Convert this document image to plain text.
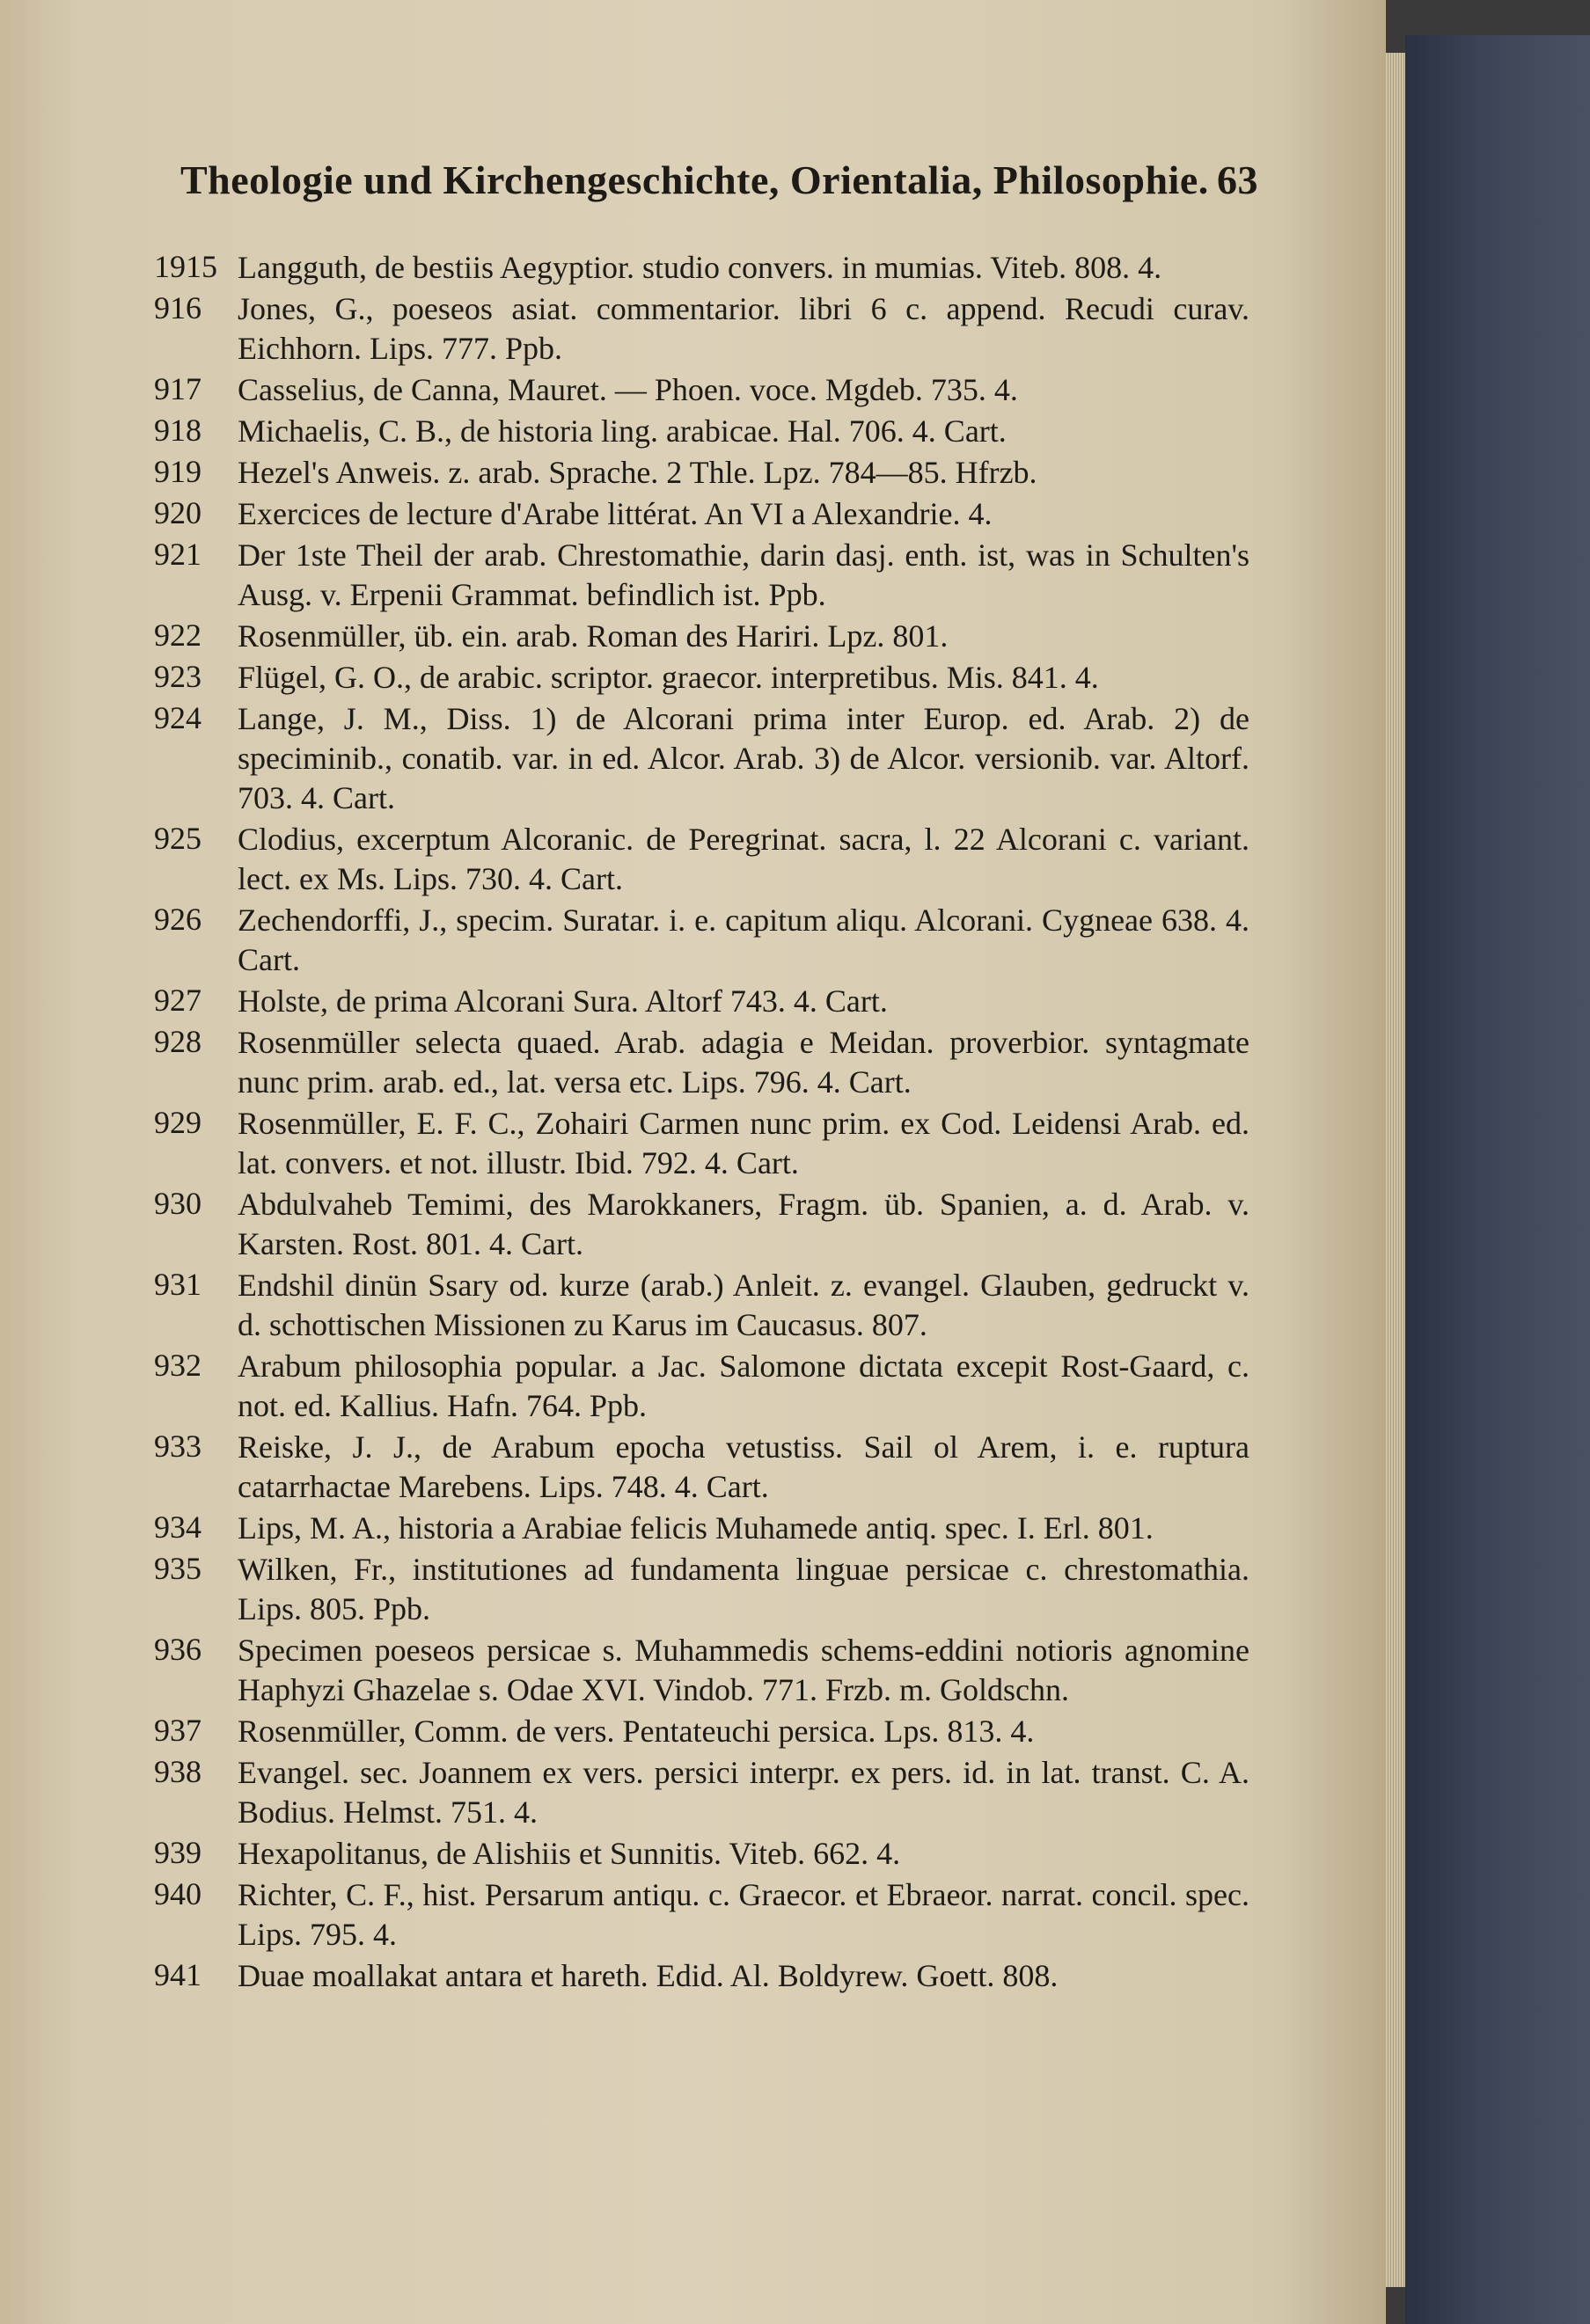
Theologie und Kirchengeschichte, Orientalia, Philosophie. 63
1915 Langguth, de bestiis Aegyptior. studio convers. in mumias. Viteb. 808. 4.
916	Jones, G., poeseos asiat. commentarior. libri 6 c. append. Recudi curav. Eichhorn. Lips. 777. Ppb.
917	Casselius, de Canna, Mauret. — Phoen. voce. Mgdeb. 735. 4.
918	Michaelis, C. B., de historia ling. arabicae. Hal. 706. 4. Cart.
919	Hezel's Anweis. z. arab. Sprache. 2 Thle. Lpz. 784—85. Hfrzb.
920	Exercices de lecture d'Arabe littérat. An VI a Alexandrie. 4.
921	Der 1ste Theil der arab. Chrestomathie, darin dasj. enth. ist, was in Schulten's Ausg. v. Erpenii Grammat. befindlich ist. Ppb.
922	Rosenmüller, üb. ein. arab. Roman des Hariri. Lpz. 801.
923	Flügel, G. O., de arabic. scriptor. graecor. interpretibus. Mis. 841. 4.
924	Lange, J. M., Diss. 1) de Alcorani prima inter Europ. ed. Arab. 2) de speciminib., conatib. var. in ed. Alcor. Arab. 3) de Alcor. versionib. var. Altorf. 703. 4. Cart.
925	Clodius, excerptum Alcoranic. de Peregrinat. sacra, l. 22 Alcorani c. variant. lect. ex Ms. Lips. 730. 4. Cart.
926	Zechendorffi, J., specim. Suratar. i. e. capitum aliqu. Alcorani. Cygneae 638. 4. Cart.
927	Holste, de prima Alcorani Sura. Altorf 743. 4. Cart.
928	Rosenmüller selecta quaed. Arab. adagia e Meidan. proverbior. syntagmate nunc prim. arab. ed., lat. versa etc. Lips. 796. 4. Cart.
929	Rosenmüller, E. F. C., Zohairi Carmen nunc prim. ex Cod. Leidensi Arab. ed. lat. convers. et not. illustr. Ibid. 792. 4. Cart.
930	Abdulvaheb Temimi, des Marokkaners, Fragm. üb. Spanien, a. d. Arab. v. Karsten. Rost. 801. 4. Cart.
931	Endshil dinün Ssary od. kurze (arab.) Anleit. z. evangel. Glauben, gedruckt v. d. schottischen Missionen zu Karus im Caucasus. 807.
932	Arabum philosophia popular. a Jac. Salomone dictata excepit Rost-Gaard, c. not. ed. Kallius. Hafn. 764. Ppb.
933	Reiske, J. J., de Arabum epocha vetustiss. Sail ol Arem, i. e. ruptura catarrhactae Marebens. Lips. 748. 4. Cart.
934	Lips, M. A., historia a Arabiae felicis Muhamede antiq. spec. I. Erl. 801.
935	Wilken, Fr., institutiones ad fundamenta linguae persicae c. chrestomathia. Lips. 805. Ppb.
936	Specimen poeseos persicae s. Muhammedis schems-eddini notioris agnomine Haphyzi Ghazelae s. Odae XVI. Vindob. 771. Frzb. m. Goldschn.
937	Rosenmüller, Comm. de vers. Pentateuchi persica. Lps. 813. 4.
938	Evangel. sec. Joannem ex vers. persici interpr. ex pers. id. in lat. transt. C. A. Bodius. Helmst. 751. 4.
939	Hexapolitanus, de Alishiis et Sunnitis. Viteb. 662. 4.
940	Richter, C. F., hist. Persarum antiqu. c. Graecor. et Ebraeor. narrat. concil. spec. Lips. 795. 4.
941	Duae moallakat antara et hareth. Edid. Al. Boldyrew. Goett. 808.
